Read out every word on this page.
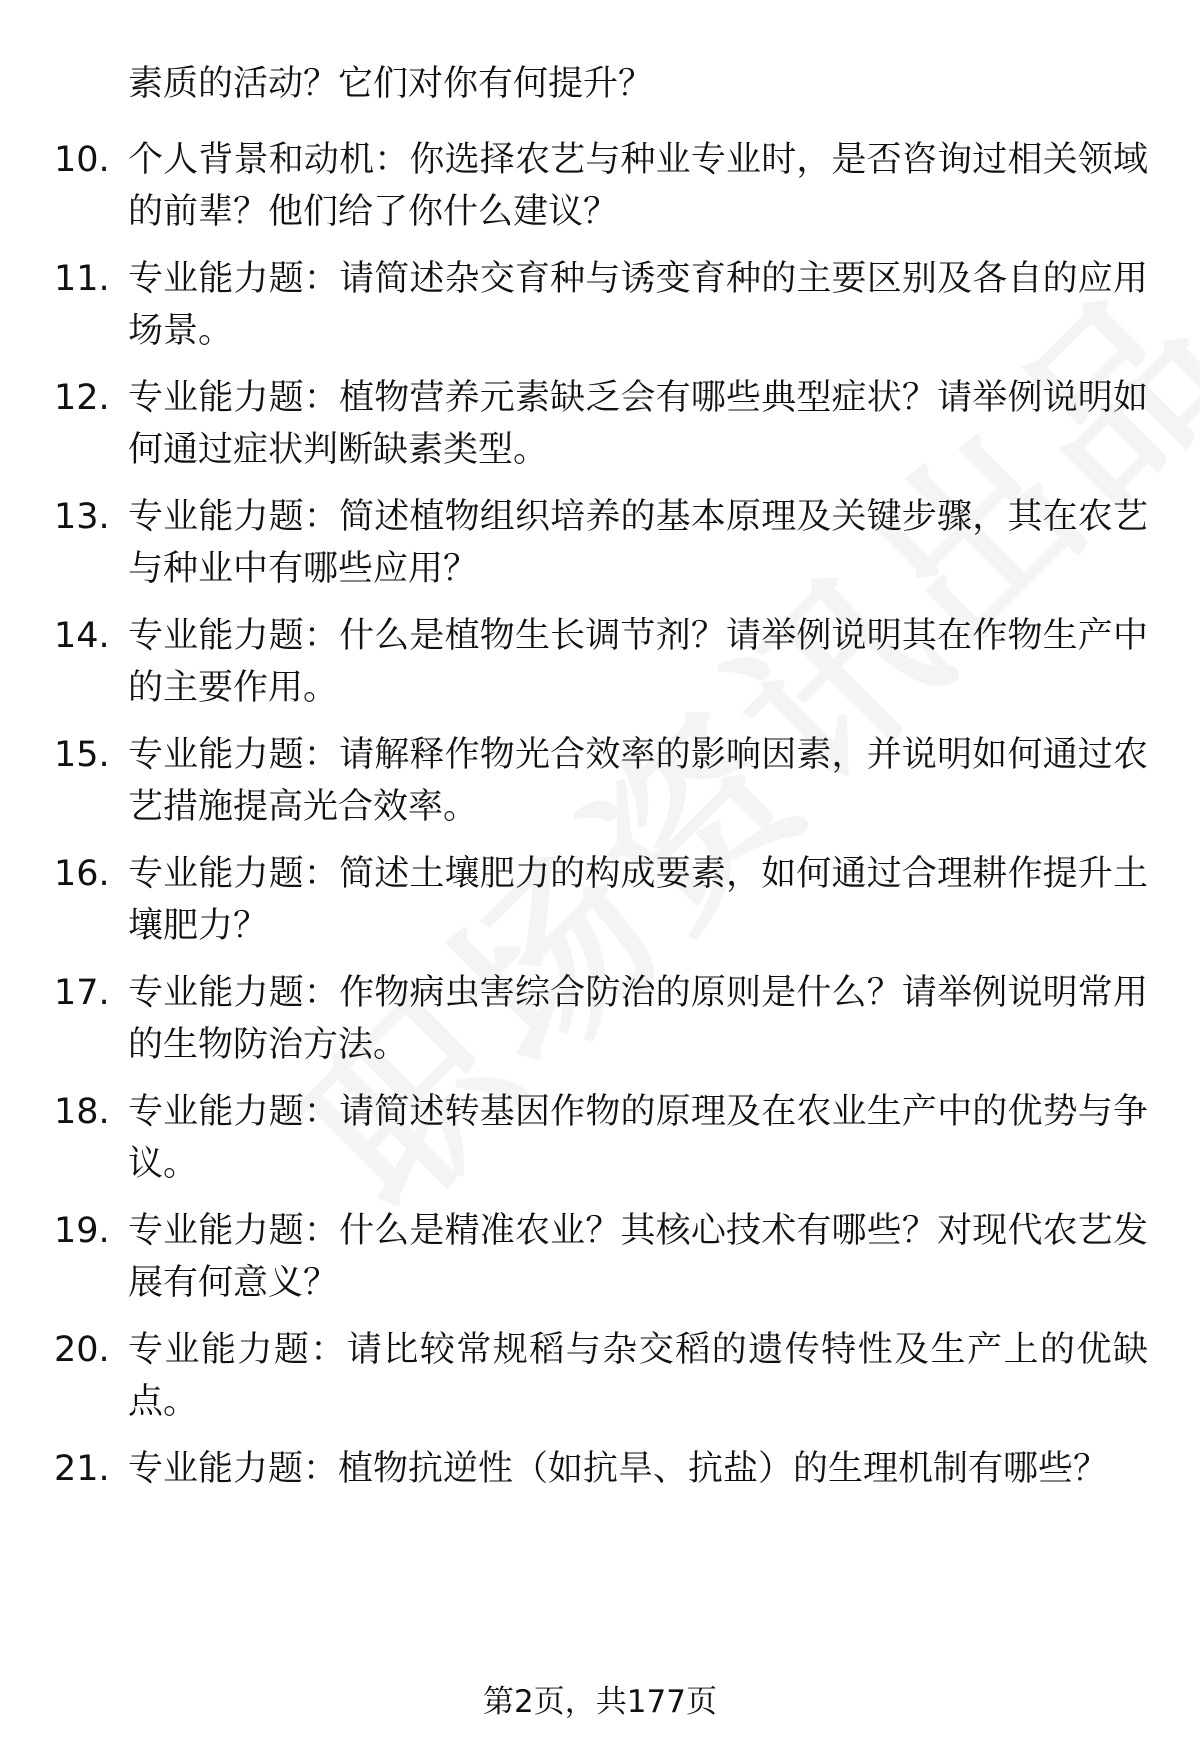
素质的活动？它们对你有何提升？
10. 个人背景和动机：你选择农艺与种业专业时，是否咨询过相关领域的前辈？他们给了你什么建议？
11. 专业能力题：请简述杂交育种与诱变育种的主要区别及各自的应用场景。
12. 专业能力题：植物营养元素缺乏会有哪些典型症状？请举例说明如何通过症状判断缺素类型。
13. 专业能力题：简述植物组织培养的基本原理及关键步骤，其在农艺与种业中有哪些应用？
14. 专业能力题：什么是植物生长调节剂？请举例说明其在作物生产中的主要作用。
15. 专业能力题：请解释作物光合效率的影响因素，并说明如何通过农艺措施提高光合效率。
16. 专业能力题：简述土壤肥力的构成要素，如何通过合理耕作提升土壤肥力？
17. 专业能力题：作物病虫害综合防治的原则是什么？请举例说明常用的生物防治方法。
18. 专业能力题：请简述转基因作物的原理及在农业生产中的优势与争议。
19. 专业能力题：什么是精准农业？其核心技术有哪些？对现代农艺发展有何意义？
20. 专业能力题：请比较常规稻与杂交稻的遗传特性及生产上的优缺点。
21. 专业能力题：植物抗逆性（如抗旱、抗盐）的生理机制有哪些？
第2页，共177页
